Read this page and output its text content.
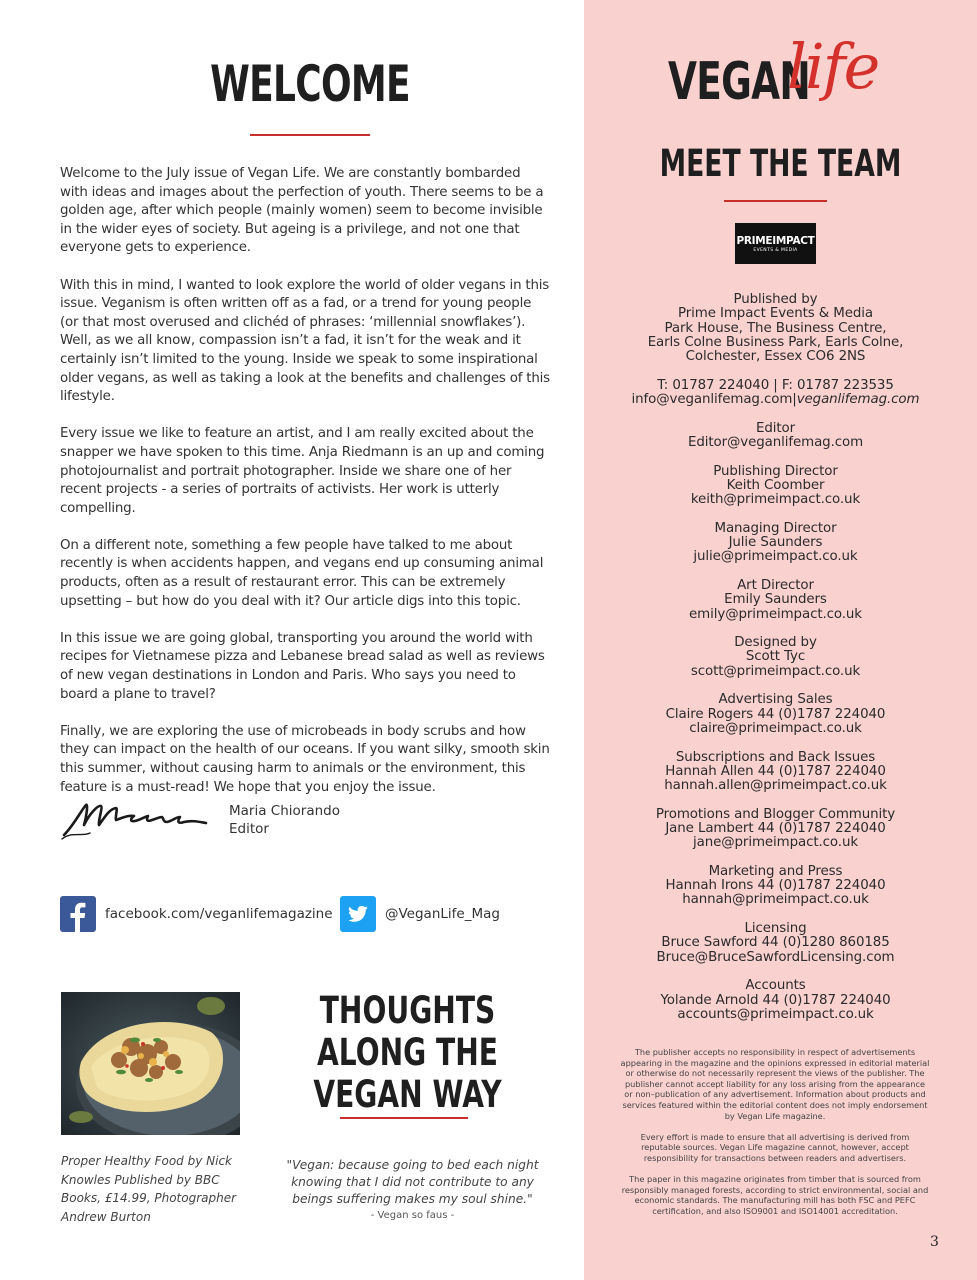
WELCOME

Welcome to the July issue of Vegan Life. We are constantly bombarded with ideas and images about the perfection of youth. There seems to be a golden age, after which people (mainly women) seem to become invisible in the wider eyes of society. But ageing is a privilege, and not one that everyone gets to experience.

With this in mind, I wanted to look explore the world of older vegans in this issue. Veganism is often written off as a fad, or a trend for young people (or that most overused and clichéd of phrases: ‘millennial snowflakes’). Well, as we all know, compassion isn’t a fad, it isn’t for the weak and it certainly isn’t limited to the young. Inside we speak to some inspirational older vegans, as well as taking a look at the benefits and challenges of this lifestyle.

Every issue we like to feature an artist, and I am really excited about the snapper we have spoken to this time. Anja Riedmann is an up and coming photojournalist and portrait photographer. Inside we share one of her recent projects - a series of portraits of activists. Her work is utterly compelling.

On a different note, something a few people have talked to me about recently is when accidents happen, and vegans end up consuming animal products, often as a result of restaurant error. This can be extremely upsetting – but how do you deal with it? Our article digs into this topic.

In this issue we are going global, transporting you around the world with recipes for Vietnamese pizza and Lebanese bread salad as well as reviews of new vegan destinations in London and Paris. Who says you need to board a plane to travel?

Finally, we are exploring the use of microbeads in body scrubs and how they can impact on the health of our oceans. If you want silky, smooth skin this summer, without causing harm to animals or the environment, this feature is a must-read! We hope that you enjoy the issue.

Maria Chiorando
Editor
facebook.com/veganlifemagazine	@VeganLife_Mag
Proper Healthy Food by Nick Knowles Published by BBC Books, £14.99, Photographer Andrew Burton
THOUGHTS ALONG THE
VEGAN WAY
"Vegan: because going to bed each night knowing that I did not contribute to any beings suffering makes my soul shine."
- Vegan so faus -
VEGAN
life
MEET THE TEAM
PRIMEIMPACT
EVENTS & MEDIA
Published by
Prime Impact Events & Media
Park House, The Business Centre,
Earls Colne Business Park, Earls Colne,
Colchester, Essex CO6 2NS
T: 01787 224040 | F: 01787 223535
info@veganlifemag.com|veganlifemag.com
Editor
Editor@veganlifemag.com
Publishing Director
Keith Coomber
keith@primeimpact.co.uk
Managing Director
Julie Saunders
julie@primeimpact.co.uk
Art Director
Emily Saunders
emily@primeimpact.co.uk
Designed by
Scott Tyc
scott@primeimpact.co.uk
Advertising Sales
Claire Rogers 44 (0)1787 224040
claire@primeimpact.co.uk
Subscriptions and Back Issues
Hannah Allen 44 (0)1787 224040
hannah.allen@primeimpact.co.uk
Promotions and Blogger Community
Jane Lambert 44 (0)1787 224040
jane@primeimpact.co.uk
Marketing and Press
Hannah Irons 44 (0)1787 224040
hannah@primeimpact.co.uk
Licensing
Bruce Sawford 44 (0)1280 860185
Bruce@BruceSawfordLicensing.com
Accounts
Yolande Arnold 44 (0)1787 224040
accounts@primeimpact.co.uk

The publisher accepts no responsibility in respect of advertisements appearing in the magazine and the opinions expressed in editorial material or otherwise do not necessarily represent the views of the publisher. The publisher cannot accept liability for any loss arising from the appearance or non–publication of any advertisement. Information about products and services featured within the editorial content does not imply endorsement by Vegan Life magazine.

Every effort is made to ensure that all advertising is derived from reputable sources. Vegan Life magazine cannot, however, accept responsibility for transactions between readers and advertisers.

The paper in this magazine originates from timber that is sourced from responsibly managed forests, according to strict environmental, social and economic standards. The manufacturing mill has both FSC and PEFC certification, and also ISO9001 and ISO14001 accreditation.

3
